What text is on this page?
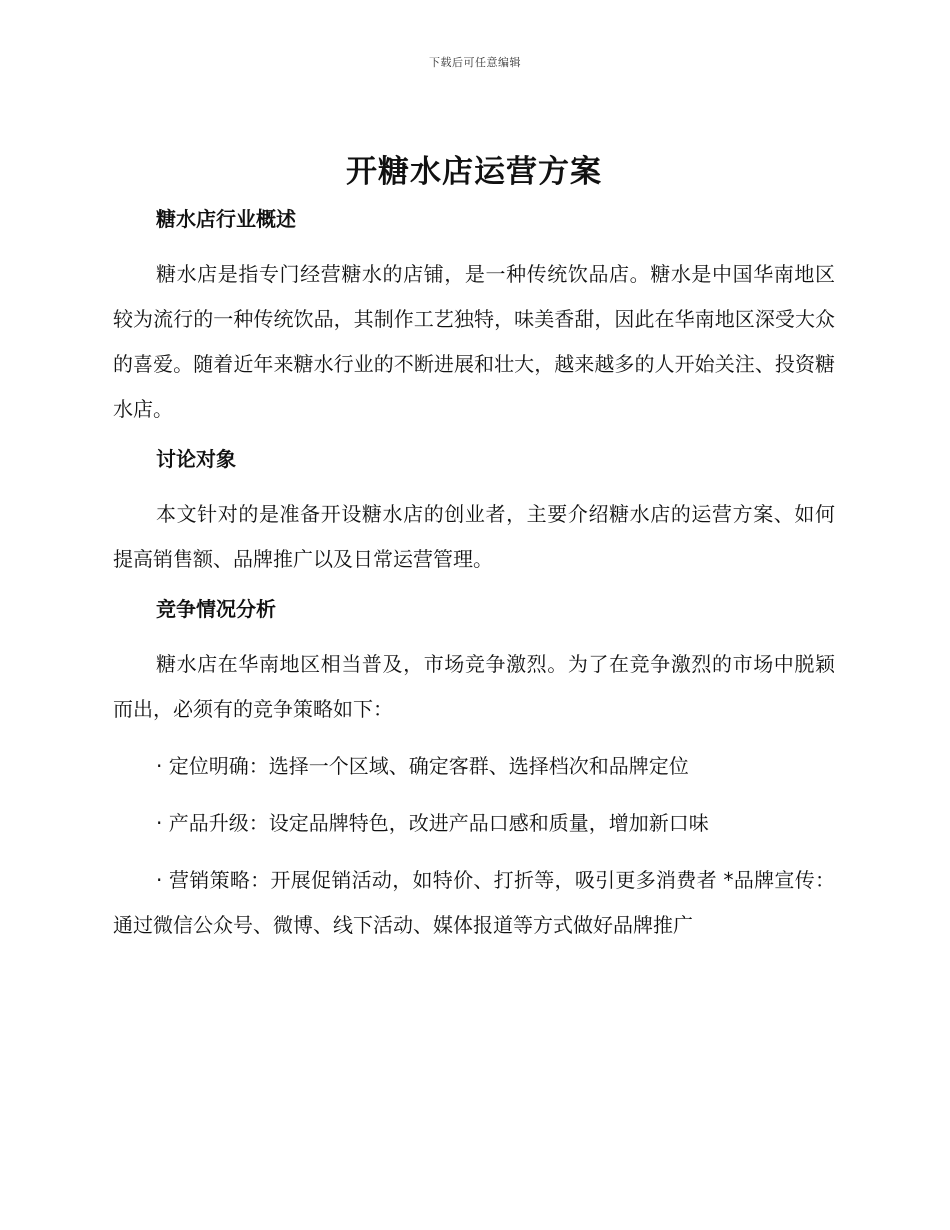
下载后可任意编辑
开糖水店运营方案
糖水店行业概述

糖水店是指专门经营糖水的店铺，是一种传统饮品店。糖水是中国华南地区较为流行的一种传统饮品，其制作工艺独特，味美香甜，因此在华南地区深受大众的喜爱。随着近年来糖水行业的不断进展和壮大，越来越多的人开始关注、投资糖水店。

讨论对象

本文针对的是准备开设糖水店的创业者，主要介绍糖水店的运营方案、如何提高销售额、品牌推广以及日常运营管理。

竞争情况分析

糖水店在华南地区相当普及，市场竞争激烈。为了在竞争激烈的市场中脱颖而出，必须有的竞争策略如下：

· 定位明确：选择一个区域、确定客群、选择档次和品牌定位

· 产品升级：设定品牌特色，改进产品口感和质量，增加新口味

· 营销策略：开展促销活动，如特价、打折等，吸引更多消费者 *品牌宣传：通过微信公众号、微博、线下活动、媒体报道等方式做好品牌推广
